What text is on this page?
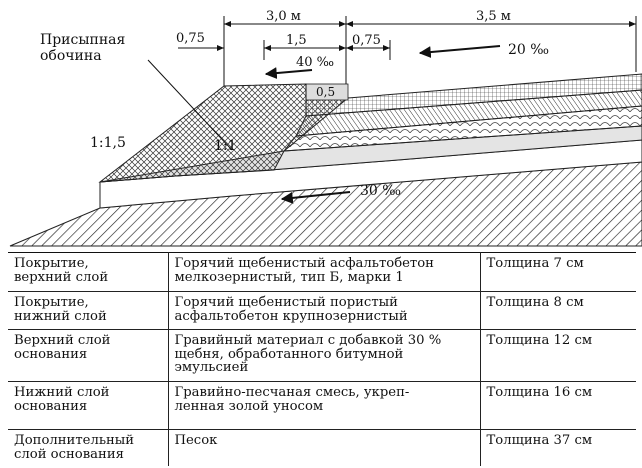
Присыпная обочина
1:1,5	1:1
0,75
3,0 м	3,5 м
1,5	0,75
40 ‰
20 ‰
30 ‰
0,5
Покрытие,
верхний слой	Горячий щебенистый асфальтобетон
мелкозернистый, тип Б, марки 1	Толщина 7 см

Покрытие,
нижний слой	Горячий щебенистый пористый
асфальтобетон крупнозернистый	Толщина 8 см

Верхний слой
основания	Гравийный материал с добавкой 30 %
щебня, обработанного битумной
эмульсией	Толщина 12 см

Нижний слой
основания	Гравийно-песчаная смесь, укреп-
ленная золой уносом	Толщина 16 см

Дополнительный
слой основания	Песок	Толщина 37 см
